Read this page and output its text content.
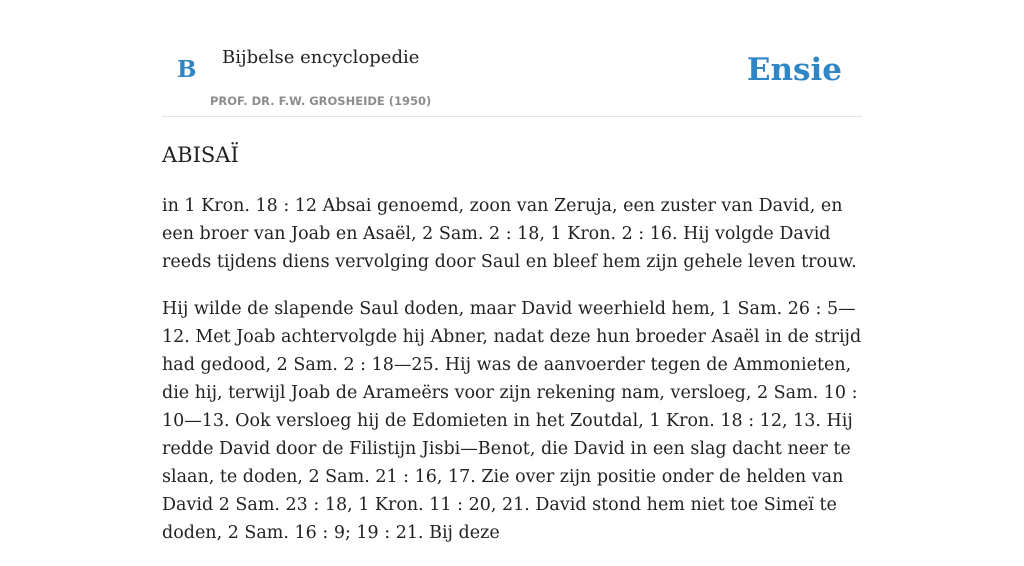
B Bijbelse encyclopedie
PROF. DR. F.W. GROSHEIDE (1950)
Ensie
ABISAÏ

in 1 Kron. 18 : 12 Absai genoemd, zoon van Zeruja, een zuster van David, en een broer van Joab en Asaël, 2 Sam. 2 : 18, 1 Kron. 2 : 16. Hij volgde David reeds tijdens diens vervolging door Saul en bleef hem zijn gehele leven trouw.

Hij wilde de slapende Saul doden, maar David weerhield hem, 1 Sam. 26 : 5—12. Met Joab achtervolgde hij Abner, nadat deze hun broeder Asaël in de strijd had gedood, 2 Sam. 2 : 18—25. Hij was de aanvoerder tegen de Ammonieten, die hij, terwijl Joab de Arameërs voor zijn rekening nam, versloeg, 2 Sam. 10 : 10—13. Ook versloeg hij de Edomieten in het Zoutdal, 1 Kron. 18 : 12, 13. Hij redde David door de Filistijn Jisbi—Benot, die David in een slag dacht neer te slaan, te doden, 2 Sam. 21 : 16, 17. Zie over zijn positie onder de helden van David 2 Sam. 23 : 18, 1 Kron. 11 : 20, 21. David stond hem niet toe Simeï te doden, 2 Sam. 16 : 9; 19 : 21. Bij deze
